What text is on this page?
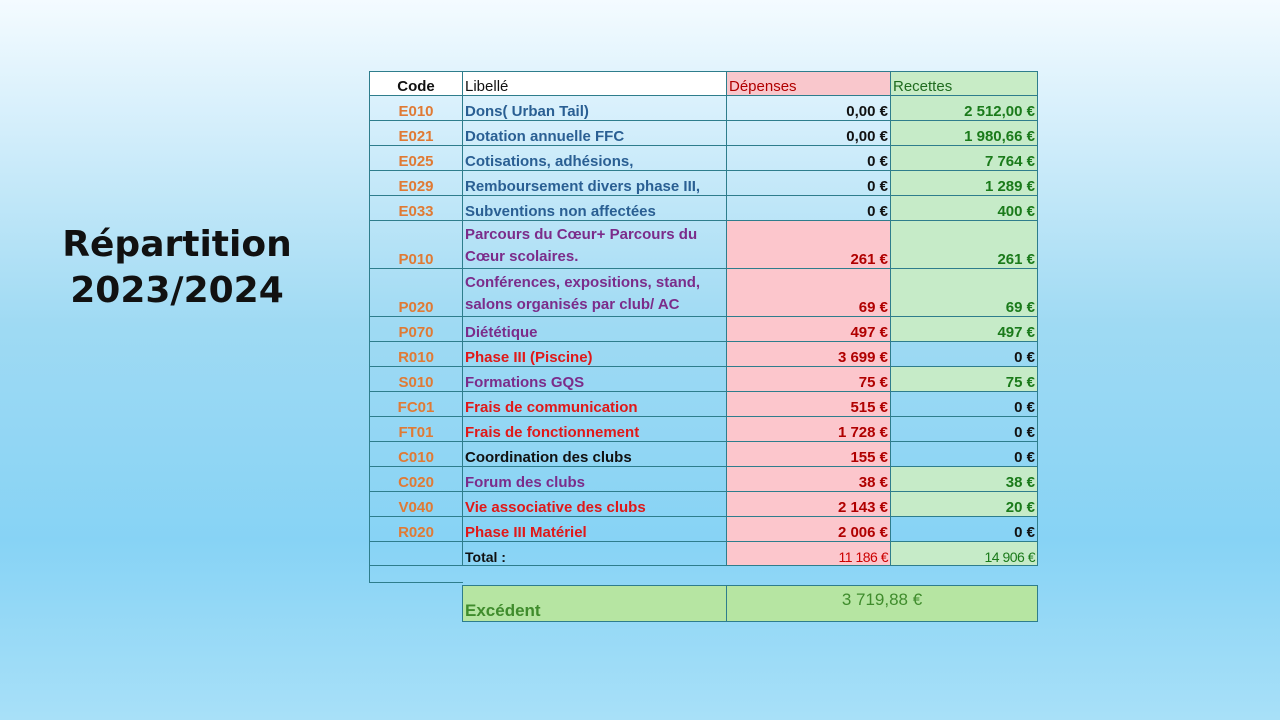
Répartition
2023/2024
Code	Libellé	Dépenses	Recettes
E010	Dons( Urban Tail)	0,00 €	2 512,00 €
E021	Dotation annuelle FFC	0,00 €	1 980,66 €
E025	Cotisations, adhésions,	0 €	7 764 €
E029	Remboursement divers phase III,	0 €	1 289 €
E033	Subventions non affectées	0 €	400 €
P010	Parcours du Cœur+ Parcours du Cœur scolaires.	261 €	261 €
P020	Conférences, expositions, stand, salons organisés par club/ AC	69 €	69 €
P070	Diététique	497 €	497 €
R010	Phase III (Piscine)	3 699 €	0 €
S010	Formations GQS	75 €	75 €
FC01	Frais de communication	515 €	0 €
FT01	Frais de fonctionnement	1 728 €	0 €
C010	Coordination des clubs	155 €	0 €
C020	Forum des clubs	38 €	38 €
V040	Vie associative des clubs	2 143 €	20 €
R020	Phase III Matériel	2 006 €	0 €
	Total :	11 186 €	14 906 €

	Excédent	3 719,88 €	
